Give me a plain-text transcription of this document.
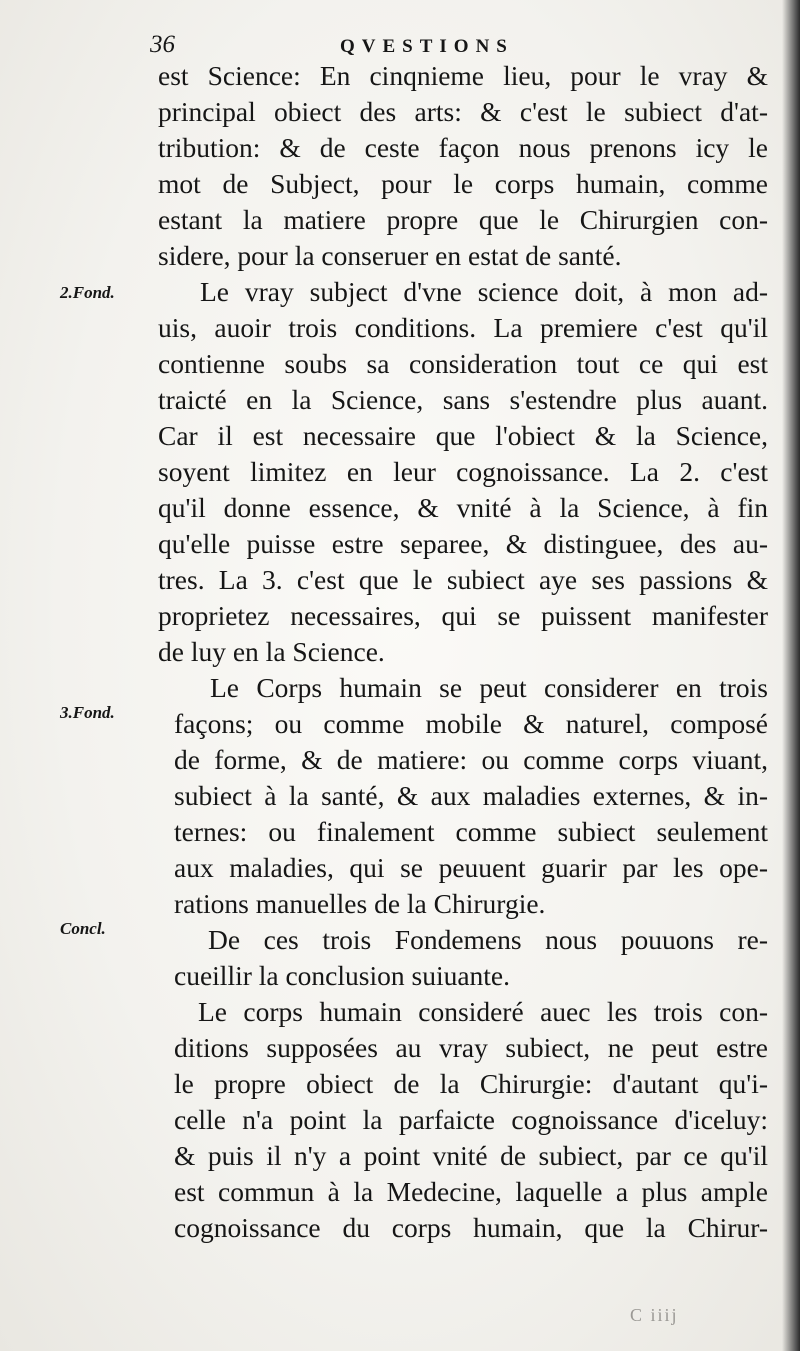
36	QVESTIONS
2.Fond.
3.Fond.
Concl.
est Science: En cinqnieme lieu, pour le vray &
principal obiect des arts: & c'est le subiect d'at-
tribution: & de ceste façon nous prenons icy le
mot de Subject, pour le corps humain, comme
estant la matiere propre que le Chirurgien con-
sidere, pour la conseruer en estat de santé.
Le vray subject d'vne science doit, à mon ad-
uis, auoir trois conditions. La premiere c'est qu'il
contienne soubs sa consideration tout ce qui est
traicté en la Science, sans s'estendre plus auant.
Car il est necessaire que l'obiect & la Science,
soyent limitez en leur cognoissance. La 2. c'est
qu'il donne essence, & vnité à la Science, à fin
qu'elle puisse estre separee, & distinguee, des au-
tres. La 3. c'est que le subiect aye ses passions &
proprietez necessaires, qui se puissent manifester
de luy en la Science.
Le Corps humain se peut considerer en trois
façons; ou comme mobile & naturel, composé
de forme, & de matiere: ou comme corps viuant,
subiect à la santé, & aux maladies externes, & in-
ternes: ou finalement comme subiect seulement
aux maladies, qui se peuuent guarir par les ope-
rations manuelles de la Chirurgie.
De ces trois Fondemens nous pouuons re-
cueillir la conclusion suiuante.
Le corps humain consideré auec les trois con-
ditions supposées au vray subiect, ne peut estre
le propre obiect de la Chirurgie: d'autant qu'i-
celle n'a point la parfaicte cognoissance d'iceluy:
& puis il n'y a point vnité de subiect, par ce qu'il
est commun à la Medecine, laquelle a plus ample
cognoissance du corps humain, que la Chirur-
C iiij
